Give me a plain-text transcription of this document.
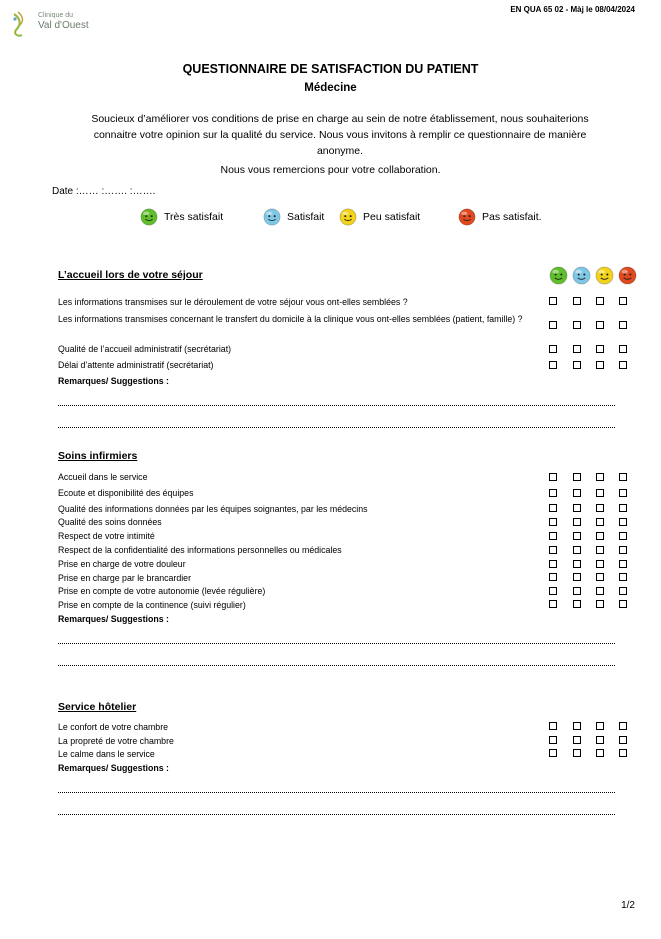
Clinique du
Val d'Ouest
EN QUA 65 02 - Màj le 08/04/2024
QUESTIONNAIRE DE SATISFACTION DU PATIENT
Médecine
Soucieux d’améliorer vos conditions de prise en charge au sein de notre établissement, nous souhaiterions
connaitre votre opinion sur la qualité du service. Nous vous invitons à remplir ce questionnaire de manière
anonyme.
Nous vous remercions pour votre collaboration.
Date :…… :……. :…….
Très satisfait	Satisfait	Peu satisfait	Pas satisfait.
L’accueil lors de votre séjour
Les informations transmises sur le déroulement de votre séjour vous ont-elles semblées ?
Les informations transmises concernant le transfert du domicile à la clinique vous ont-elles semblées (patient, famille) ?
Qualité de l’accueil administratif (secrétariat)
Délai d’attente administratif (secrétariat)
Remarques/ Suggestions :
Soins infirmiers
Accueil dans le service
Ecoute et disponibilité des équipes
Qualité des informations données par les équipes soignantes, par les médecins
Qualité des soins données
Respect de votre intimité
Respect de la confidentialité des informations personnelles ou médicales
Prise en charge de votre douleur
Prise en charge par le brancardier
Prise en compte de votre autonomie (levée régulière)
Prise en compte de la continence (suivi régulier)
Remarques/ Suggestions :
Service hôtelier
Le confort de votre chambre
La propreté de votre chambre
Le calme dans le service
Remarques/ Suggestions :
1/2
